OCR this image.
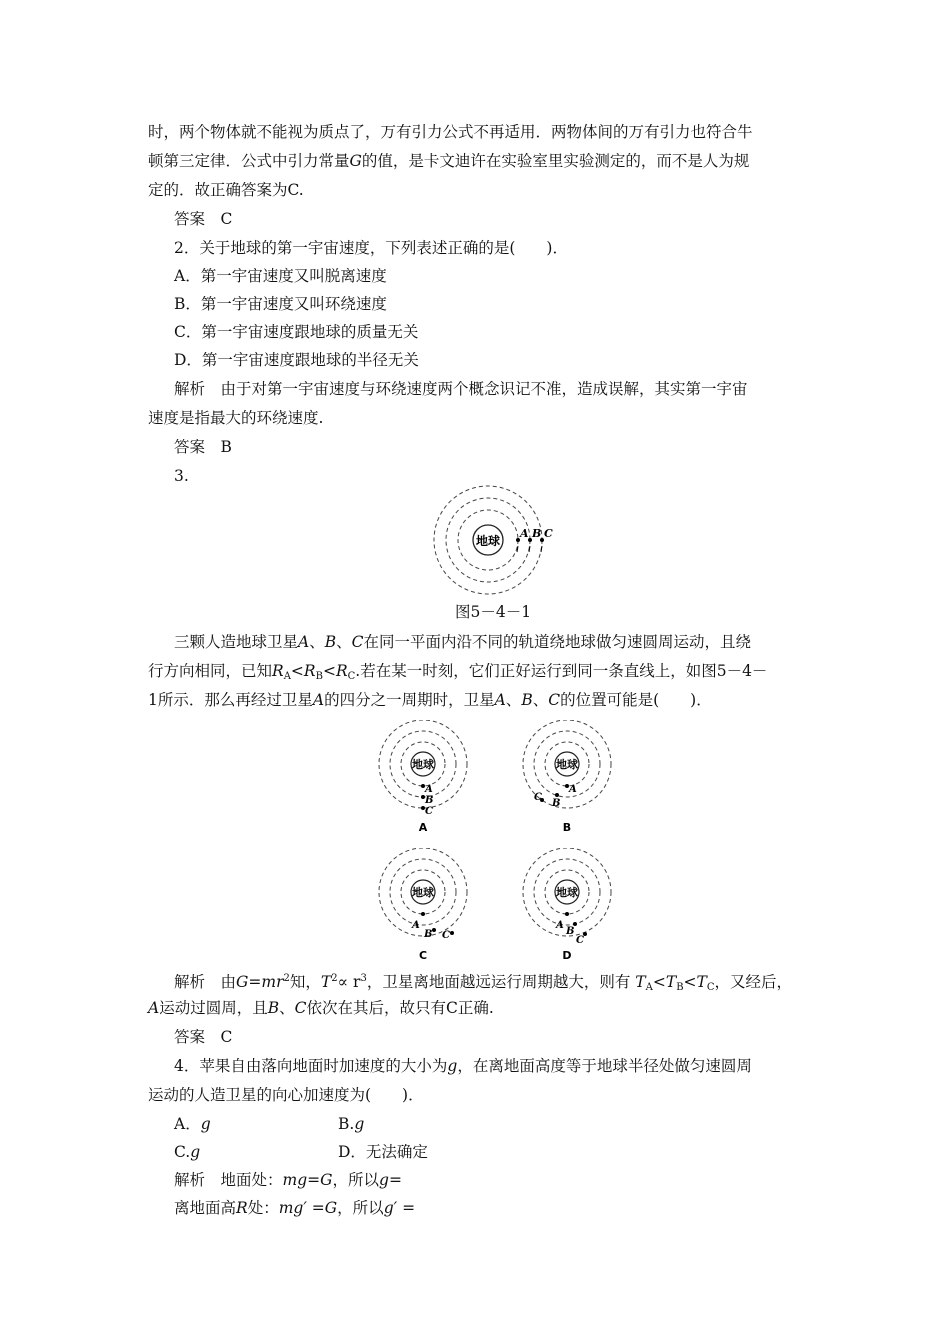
时，两个物体就不能视为质点了，万有引力公式不再适用．两物体间的万有引力也符合牛
顿第三定律．公式中引力常量G的值，是卡文迪许在实验室里实验测定的，而不是人为规
定的．故正确答案为C.
答案　C
2．关于地球的第一宇宙速度，下列表述正确的是(　　)．
A．第一宇宙速度又叫脱离速度
B．第一宇宙速度又叫环绕速度
C．第一宇宙速度跟地球的质量无关
D．第一宇宙速度跟地球的半径无关
解析　由于对第一宇宙速度与环绕速度两个概念识记不准，造成误解，其实第一宇宙
速度是指最大的环绕速度.
答案　B
3.
地球
A B C
图5－4－1
三颗人造地球卫星A、B、C在同一平面内沿不同的轨道绕地球做匀速圆周运动，且绕
行方向相同，已知$R_A<R_B<R_C$.若在某一时刻，它们正好运行到同一条直线上，如图5－4－
1所示．那么再经过卫星A的四分之一周期时，卫星A、B、C的位置可能是(　　)．
地球
A
B
C
A
地球
A
B
C
B
地球
A
B C
C
地球
A
B
C
D
解析　由$G=mr^2$知，$T^2\propto r^3$，卫星离地面越远运行周期越大，则有 $T_A<T_B<T_C$，又经后，
A运动过圆周，且B、C依次在其后，故只有C正确.
答案　C
4．苹果自由落向地面时加速度的大小为g，在离地面高度等于地球半径处做匀速圆周
运动的人造卫星的向心加速度为(　　)．
A．g	B.g
C.g	D．无法确定
解析　地面处：mg=G，所以g=
离地面高R处：mg′ =G，所以g′ =
